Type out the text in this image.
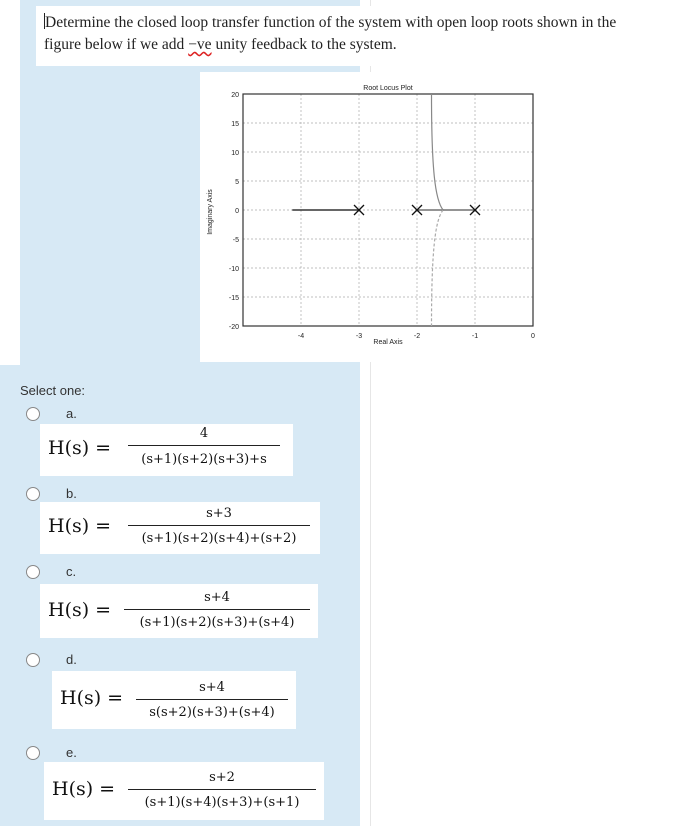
Determine the closed loop transfer function of the system with open loop roots shown in the
figure below if we add −ve unity feedback to the system.
Root Locus Plot
Real Axis
Imaginary Axis
20
15
10
5
0
-5
-10
-15
-20
-4	-3	-2	-1	0
Select one:
a.
H(s) =
4
(s+1)(s+2)(s+3)+s
b.
H(s) =
s+3
(s+1)(s+2)(s+4)+(s+2)
c.
H(s) =
s+4
(s+1)(s+2)(s+3)+(s+4)
d.
H(s) =	s+4
s(s+2)(s+3)+(s+4)
e.
H(s) =
s+2
(s+1)(s+4)(s+3)+(s+1)
